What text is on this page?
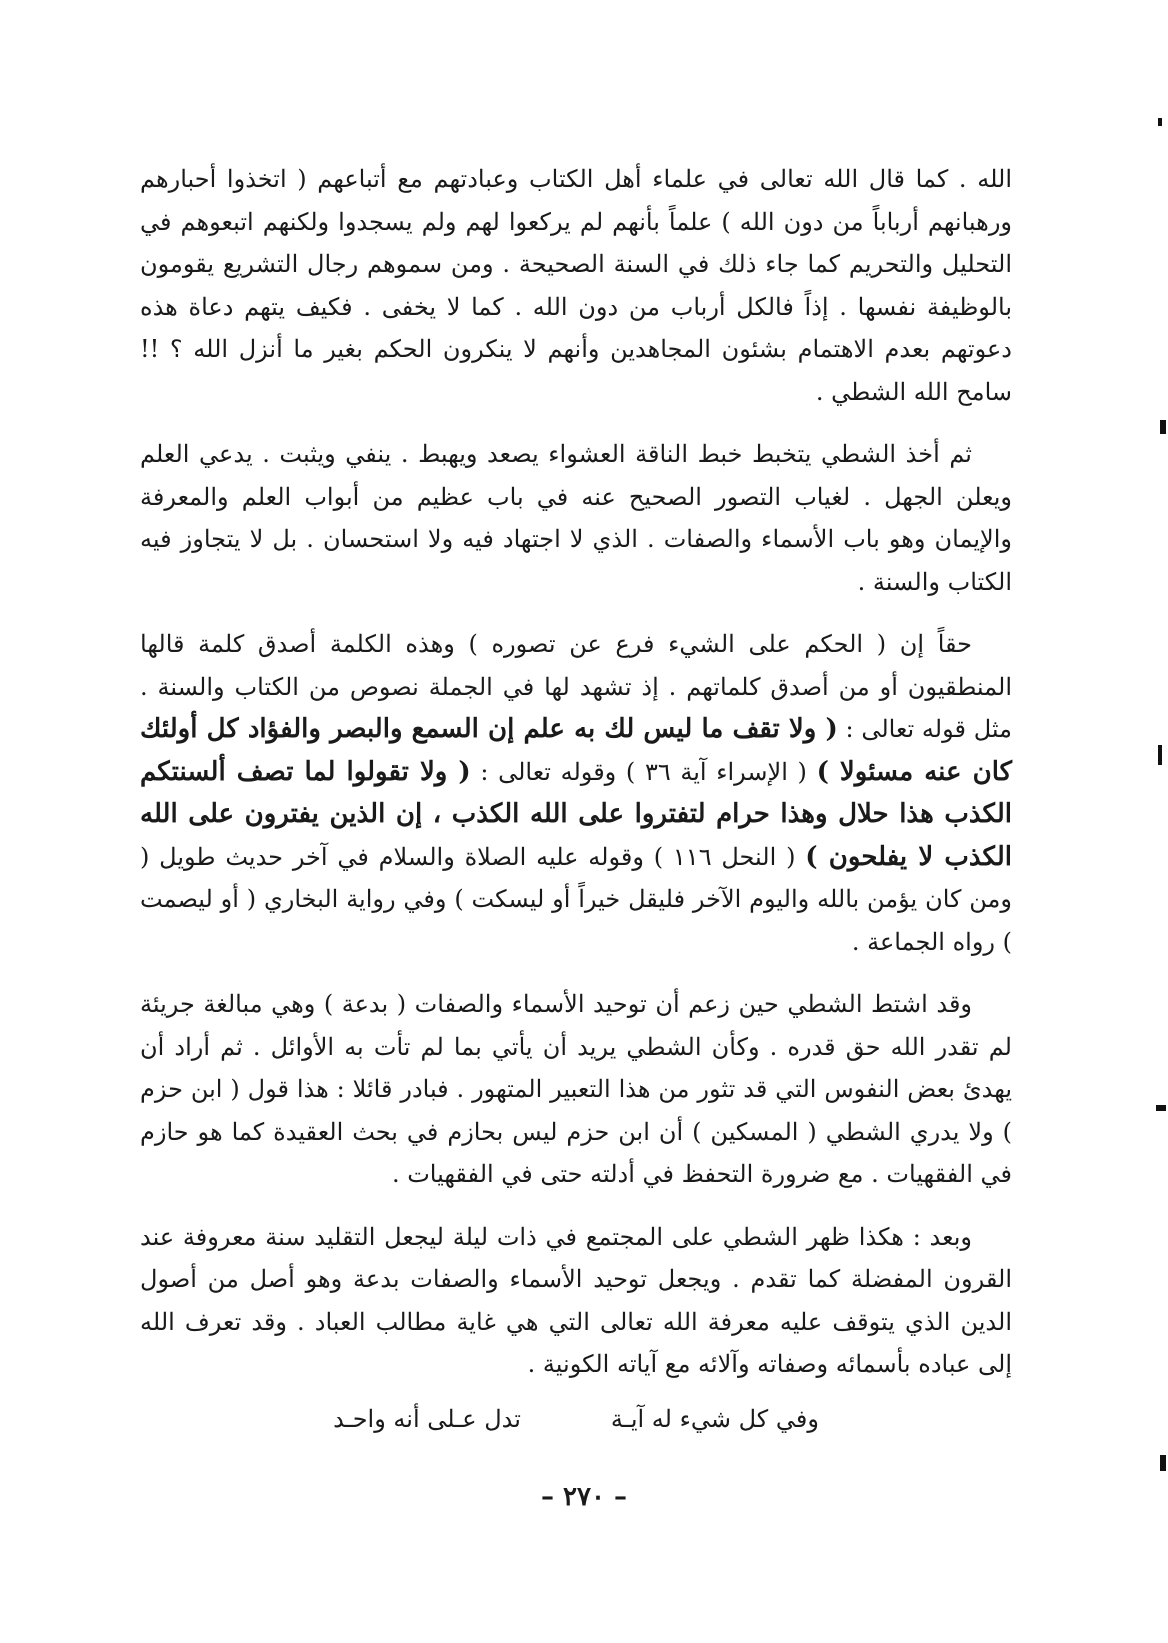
الله . كما قال الله تعالى في علماء أهل الكتاب وعبادتهم مع أتباعهم ( اتخذوا أحبارهم ورهبانهم أرباباً من دون الله ) علماً بأنهم لم يركعوا لهم ولم يسجدوا ولكنهم اتبعوهم في التحليل والتحريم كما جاء ذلك في السنة الصحيحة . ومن سموهم رجال التشريع يقومون بالوظيفة نفسها . إذاً فالكل أرباب من دون الله . كما لا يخفى . فكيف يتهم دعاة هذه دعوتهم بعدم الاهتمام بشئون المجاهدين وأنهم لا ينكرون الحكم بغير ما أنزل الله ؟ !! سامح الله الشطي .

ثم أخذ الشطي يتخبط خبط الناقة العشواء يصعد ويهبط . ينفي ويثبت . يدعي العلم ويعلن الجهل . لغياب التصور الصحيح عنه في باب عظيم من أبواب العلم والمعرفة والإيمان وهو باب الأسماء والصفات . الذي لا اجتهاد فيه ولا استحسان . بل لا يتجاوز فيه الكتاب والسنة .

حقاً إن ( الحكم على الشيء فرع عن تصوره ) وهذه الكلمة أصدق كلمة قالها المنطقيون أو من أصدق كلماتهم . إذ تشهد لها في الجملة نصوص من الكتاب والسنة . مثل قوله تعالى : ( ولا تقف ما ليس لك به علم إن السمع والبصر والفؤاد كل أولئك كان عنه مسئولا ) ( الإسراء آية ٣٦ ) وقوله تعالى : ( ولا تقولوا لما تصف ألسنتكم الكذب هذا حلال وهذا حرام لتفتروا على الله الكذب ، إن الذين يفترون على الله الكذب لا يفلحون ) ( النحل ١١٦ ) وقوله عليه الصلاة والسلام في آخر حديث طويل ( ومن كان يؤمن بالله واليوم الآخر فليقل خيراً أو ليسكت ) وفي رواية البخاري ( أو ليصمت ) رواه الجماعة .

وقد اشتط الشطي حين زعم أن توحيد الأسماء والصفات ( بدعة ) وهي مبالغة جريئة لم تقدر الله حق قدره . وكأن الشطي يريد أن يأتي بما لم تأت به الأوائل . ثم أراد أن يهدئ بعض النفوس التي قد تثور من هذا التعبير المتهور . فبادر قائلا : هذا قول ( ابن حزم ) ولا يدري الشطي ( المسكين ) أن ابن حزم ليس بحازم في بحث العقيدة كما هو حازم في الفقهيات . مع ضرورة التحفظ في أدلته حتى في الفقهيات .

وبعد : هكذا ظهر الشطي على المجتمع في ذات ليلة ليجعل التقليد سنة معروفة عند القرون المفضلة كما تقدم . ويجعل توحيد الأسماء والصفات بدعة وهو أصل من أصول الدين الذي يتوقف عليه معرفة الله تعالى التي هي غاية مطالب العباد . وقد تعرف الله إلى عباده بأسمائه وصفاته وآلائه مع آياته الكونية .

وفي كل شيء له آيـة
تدل عـلى أنه واحـد
– ٢٧٠ –
